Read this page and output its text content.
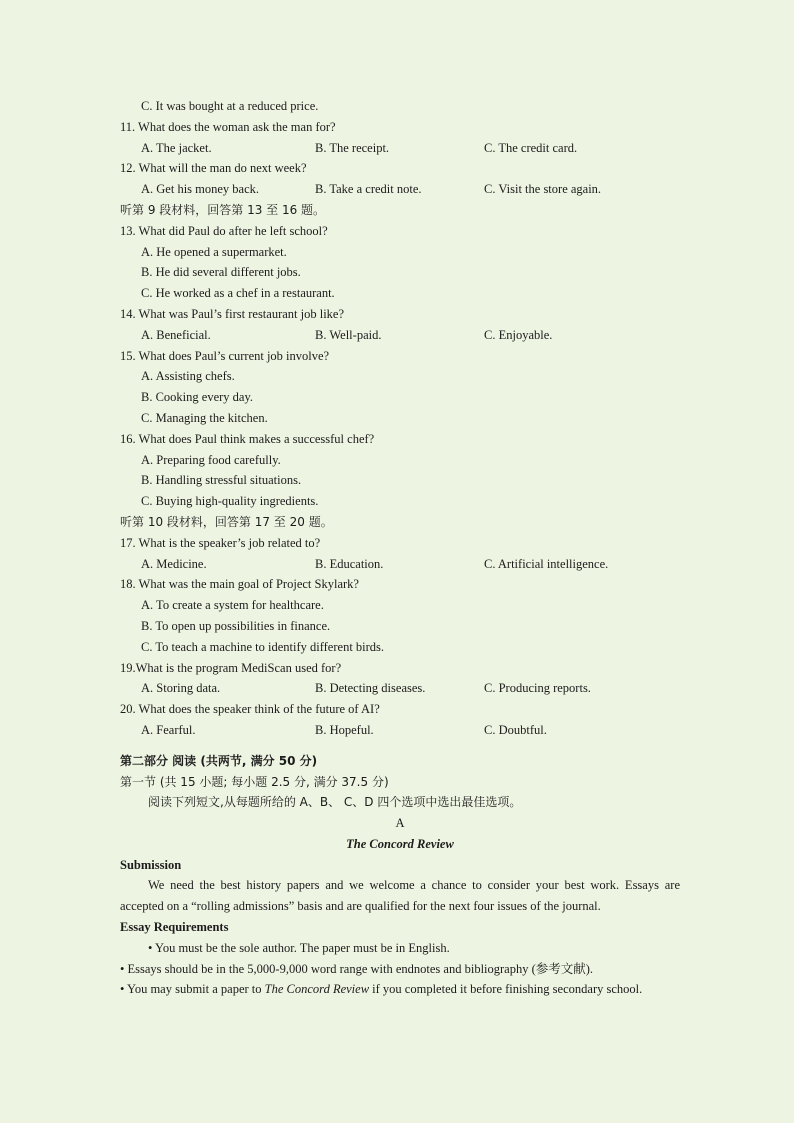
C. It was bought at a reduced price.
11. What does the woman ask the man for?
A. The jacket.	B. The receipt.	C. The credit card.
12. What will the man do next week?
A. Get his money back.	B. Take a credit note.	C. Visit the store again.
听第 9 段材料，回答第 13 至 16 题。
13. What did Paul do after he left school?
A. He opened a supermarket.
B. He did several different jobs.
C. He worked as a chef in a restaurant.
14. What was Paul’s first restaurant job like?
A. Beneficial.	B. Well-paid.	C. Enjoyable.
15. What does Paul’s current job involve?
A. Assisting chefs.
B. Cooking every day.
C. Managing the kitchen.
16. What does Paul think makes a successful chef?
A. Preparing food carefully.
B. Handling stressful situations.
C. Buying high-quality ingredients.
听第 10 段材料，回答第 17 至 20 题。
17. What is the speaker’s job related to?
A. Medicine.	B. Education.	C. Artificial intelligence.
18. What was the main goal of Project Skylark?
A. To create a system for healthcare.
B. To open up possibilities in finance.
C. To teach a machine to identify different birds.
19.What is the program MediScan used for?
A. Storing data.	B. Detecting diseases.	C. Producing reports.
20. What does the speaker think of the future of AI?
A. Fearful.	B. Hopeful.	C. Doubtful.
第二部分 阅读 (共两节, 满分 50 分)
第一节 (共 15 小题; 每小题 2.5 分, 满分 37.5 分)
阅读下列短文,从每题所给的 A、B、 C、D 四个选项中选出最佳选项。
A
The Concord Review
Submission
We need the best history papers and we welcome a chance to consider your best work. Essays are accepted on a “rolling admissions” basis and are qualified for the next four issues of the journal.
Essay Requirements
• You must be the sole author. The paper must be in English.
• Essays should be in the 5,000-9,000 word range with endnotes and bibliography (参考文献).
• You may submit a paper to The Concord Review if you completed it before finishing secondary school.
